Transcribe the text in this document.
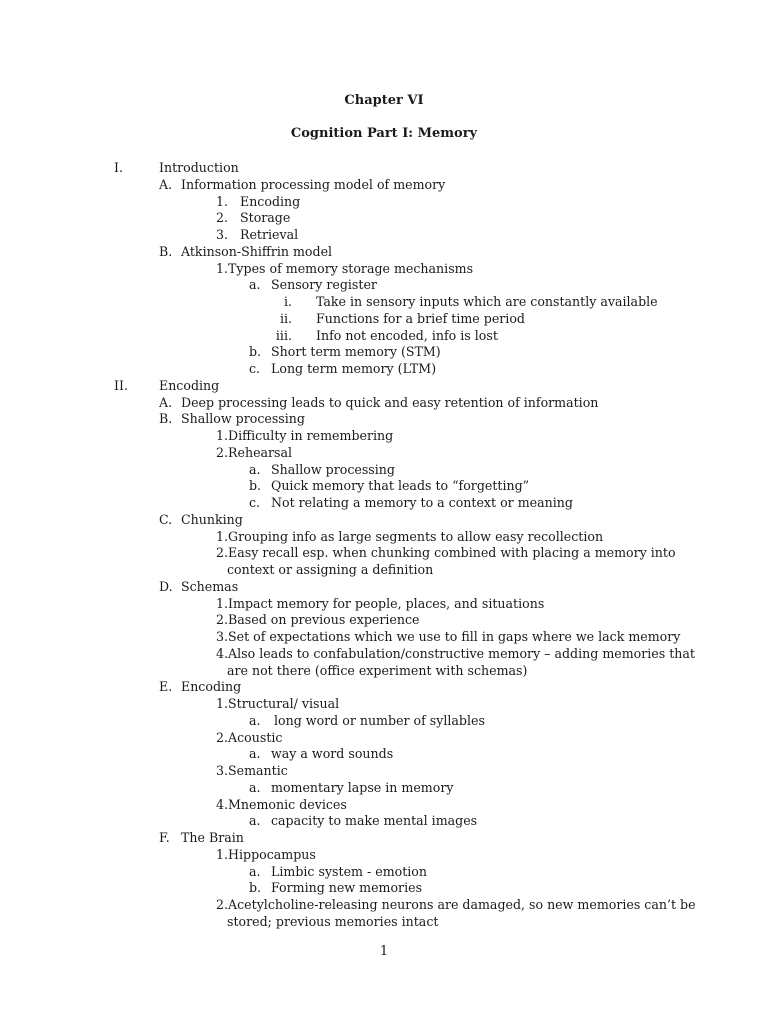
Chapter VI
Cognition Part I: Memory
I.	Introduction
A. Information processing model of memory
1. Encoding
2. Storage
3. Retrieval
B. Atkinson-Shiffrin model
1.Types of memory storage mechanisms
a. Sensory register
i. Take in sensory inputs which are constantly available
ii. Functions for a brief time period
iii. Info not encoded, info is lost
b. Short term memory (STM)
c. Long term memory (LTM)
II. Encoding
A. Deep processing leads to quick and easy retention of information
B. Shallow processing
1.Difficulty in remembering
2.Rehearsal
a. Shallow processing
b. Quick memory that leads to “forgetting”
c. Not relating a memory to a context or meaning
C. Chunking
1.Grouping info as large segments to allow easy recollection
2.Easy recall esp. when chunking combined with placing a memory into
context or assigning a definition
D. Schemas
1.Impact memory for people, places, and situations
2.Based on previous experience
3.Set of expectations which we use to fill in gaps where we lack memory
4.Also leads to confabulation/constructive memory – adding memories that
are not there (office experiment with schemas)
E. Encoding
1.Structural/ visual
a. long word or number of syllables
2.Acoustic
a. way a word sounds
3.Semantic
a. momentary lapse in memory
4.Mnemonic devices
a. capacity to make mental images
F. The Brain
1.Hippocampus
a. Limbic system - emotion
b. Forming new memories
2.Acetylcholine-releasing neurons are damaged, so new memories can’t be
stored; previous memories intact
1
